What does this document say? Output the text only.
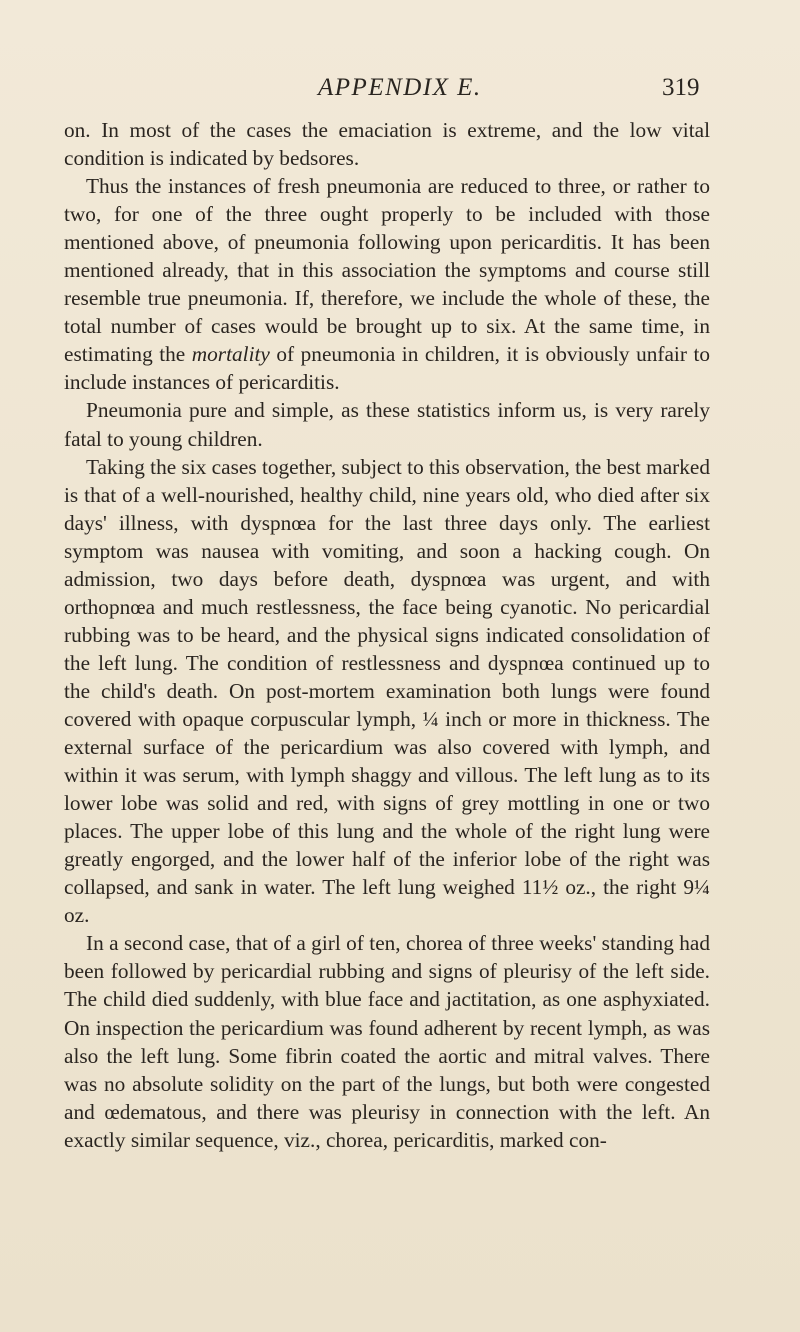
APPENDIX E.	319

on. In most of the cases the emaciation is extreme, and the low vital condition is indicated by bedsores.

Thus the instances of fresh pneumonia are reduced to three, or rather to two, for one of the three ought properly to be included with those mentioned above, of pneumonia following upon pericarditis. It has been mentioned already, that in this association the symptoms and course still resemble true pneumonia. If, therefore, we include the whole of these, the total number of cases would be brought up to six. At the same time, in estimating the mortality of pneumonia in children, it is obviously unfair to include instances of pericarditis.

Pneumonia pure and simple, as these statistics inform us, is very rarely fatal to young children.

Taking the six cases together, subject to this observation, the best marked is that of a well-nourished, healthy child, nine years old, who died after six days' illness, with dyspnœa for the last three days only. The earliest symptom was nausea with vomiting, and soon a hacking cough. On admission, two days before death, dyspnœa was urgent, and with orthopnœa and much restlessness, the face being cyanotic. No pericardial rubbing was to be heard, and the physical signs indicated consolidation of the left lung. The condition of restlessness and dyspnœa continued up to the child's death. On post-mortem examination both lungs were found covered with opaque corpuscular lymph, ¼ inch or more in thickness. The external surface of the pericardium was also covered with lymph, and within it was serum, with lymph shaggy and villous. The left lung as to its lower lobe was solid and red, with signs of grey mottling in one or two places. The upper lobe of this lung and the whole of the right lung were greatly engorged, and the lower half of the inferior lobe of the right was collapsed, and sank in water. The left lung weighed 11½ oz., the right 9¼ oz.

In a second case, that of a girl of ten, chorea of three weeks' standing had been followed by pericardial rubbing and signs of pleurisy of the left side. The child died suddenly, with blue face and jactitation, as one asphyxiated. On inspection the pericardium was found adherent by recent lymph, as was also the left lung. Some fibrin coated the aortic and mitral valves. There was no absolute solidity on the part of the lungs, but both were congested and œdematous, and there was pleurisy in connection with the left. An exactly similar sequence, viz., chorea, pericarditis, marked con-
